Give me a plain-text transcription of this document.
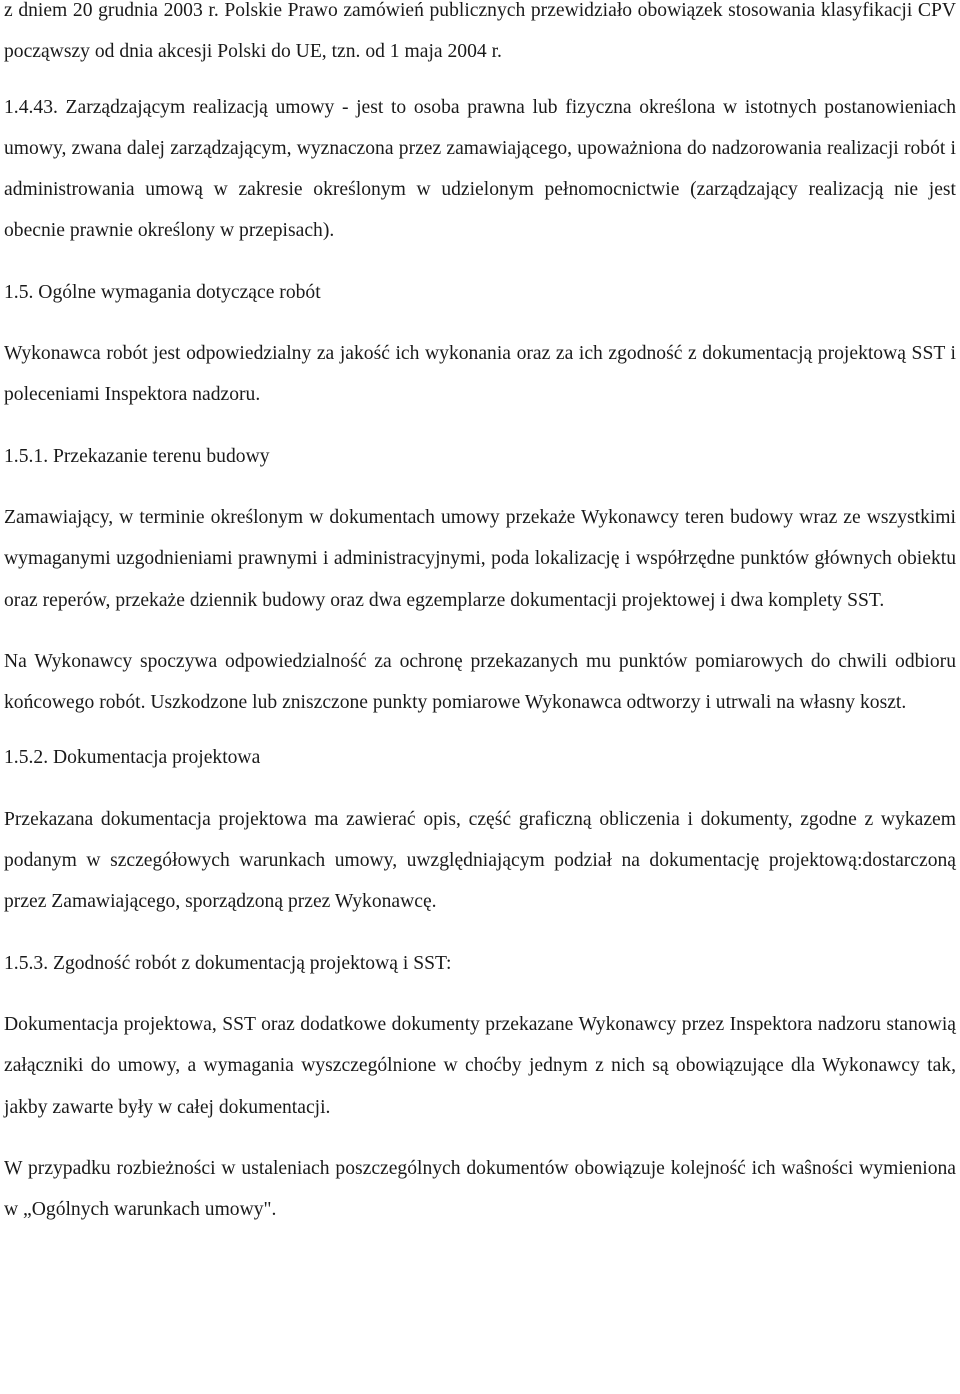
z dniem 20 grudnia 2003 r. Polskie Prawo zamówień publicznych przewidziało obowiązek stosowania klasyfikacji CPV począwszy od dnia akcesji Polski do UE, tzn. od 1 maja 2004 r.

1.4.43. Zarządzającym realizacją umowy - jest to osoba prawna lub fizyczna określona w istotnych postanowieniach umowy, zwana dalej zarządzającym, wyznaczona przez zamawiającego, upoważniona do nadzorowania realizacji robót i administrowania umową w zakresie określonym w udzielonym pełnomocnictwie (zarządzający realizacją nie jest obecnie prawnie określony w przepisach).

1.5. Ogólne wymagania dotyczące robót

Wykonawca robót jest odpowiedzialny za jakość ich wykonania oraz za ich zgodność z dokumentacją projektową SST i poleceniami Inspektora nadzoru.

1.5.1. Przekazanie terenu budowy

Zamawiający, w terminie określonym w dokumentach umowy przekaże Wykonawcy teren budowy wraz ze wszystkimi wymaganymi uzgodnieniami prawnymi i administracyjnymi, poda lokalizację i współrzędne punktów głównych obiektu oraz reperów, przekaże dziennik budowy oraz dwa egzemplarze dokumentacji projektowej i dwa komplety SST.

Na Wykonawcy spoczywa odpowiedzialność za ochronę przekazanych mu punktów pomiarowych do chwili odbioru końcowego robót. Uszkodzone lub zniszczone punkty pomiarowe Wykonawca odtworzy i utrwali na własny koszt.

1.5.2. Dokumentacja projektowa

Przekazana dokumentacja projektowa ma zawierać opis, część graficzną obliczenia i dokumenty, zgodne z wykazem podanym w szczegółowych warunkach umowy, uwzględniającym podział na dokumentację projektową:dostarczoną przez Zamawiającego, sporządzoną przez Wykonawcę.

1.5.3. Zgodność robót z dokumentacją projektową i SST:

Dokumentacja projektowa, SST oraz dodatkowe dokumenty przekazane Wykonawcy przez Inspektora nadzoru stanowią załączniki do umowy, a wymagania wyszczególnione w choćby jednym z nich są obowiązujące dla Wykonawcy tak, jakby zawarte były w całej dokumentacji.

W przypadku rozbieżności w ustaleniach poszczególnych dokumentów obowiązuje kolejność ich waŝności wymieniona w „Ogólnych warunkach umowy".
